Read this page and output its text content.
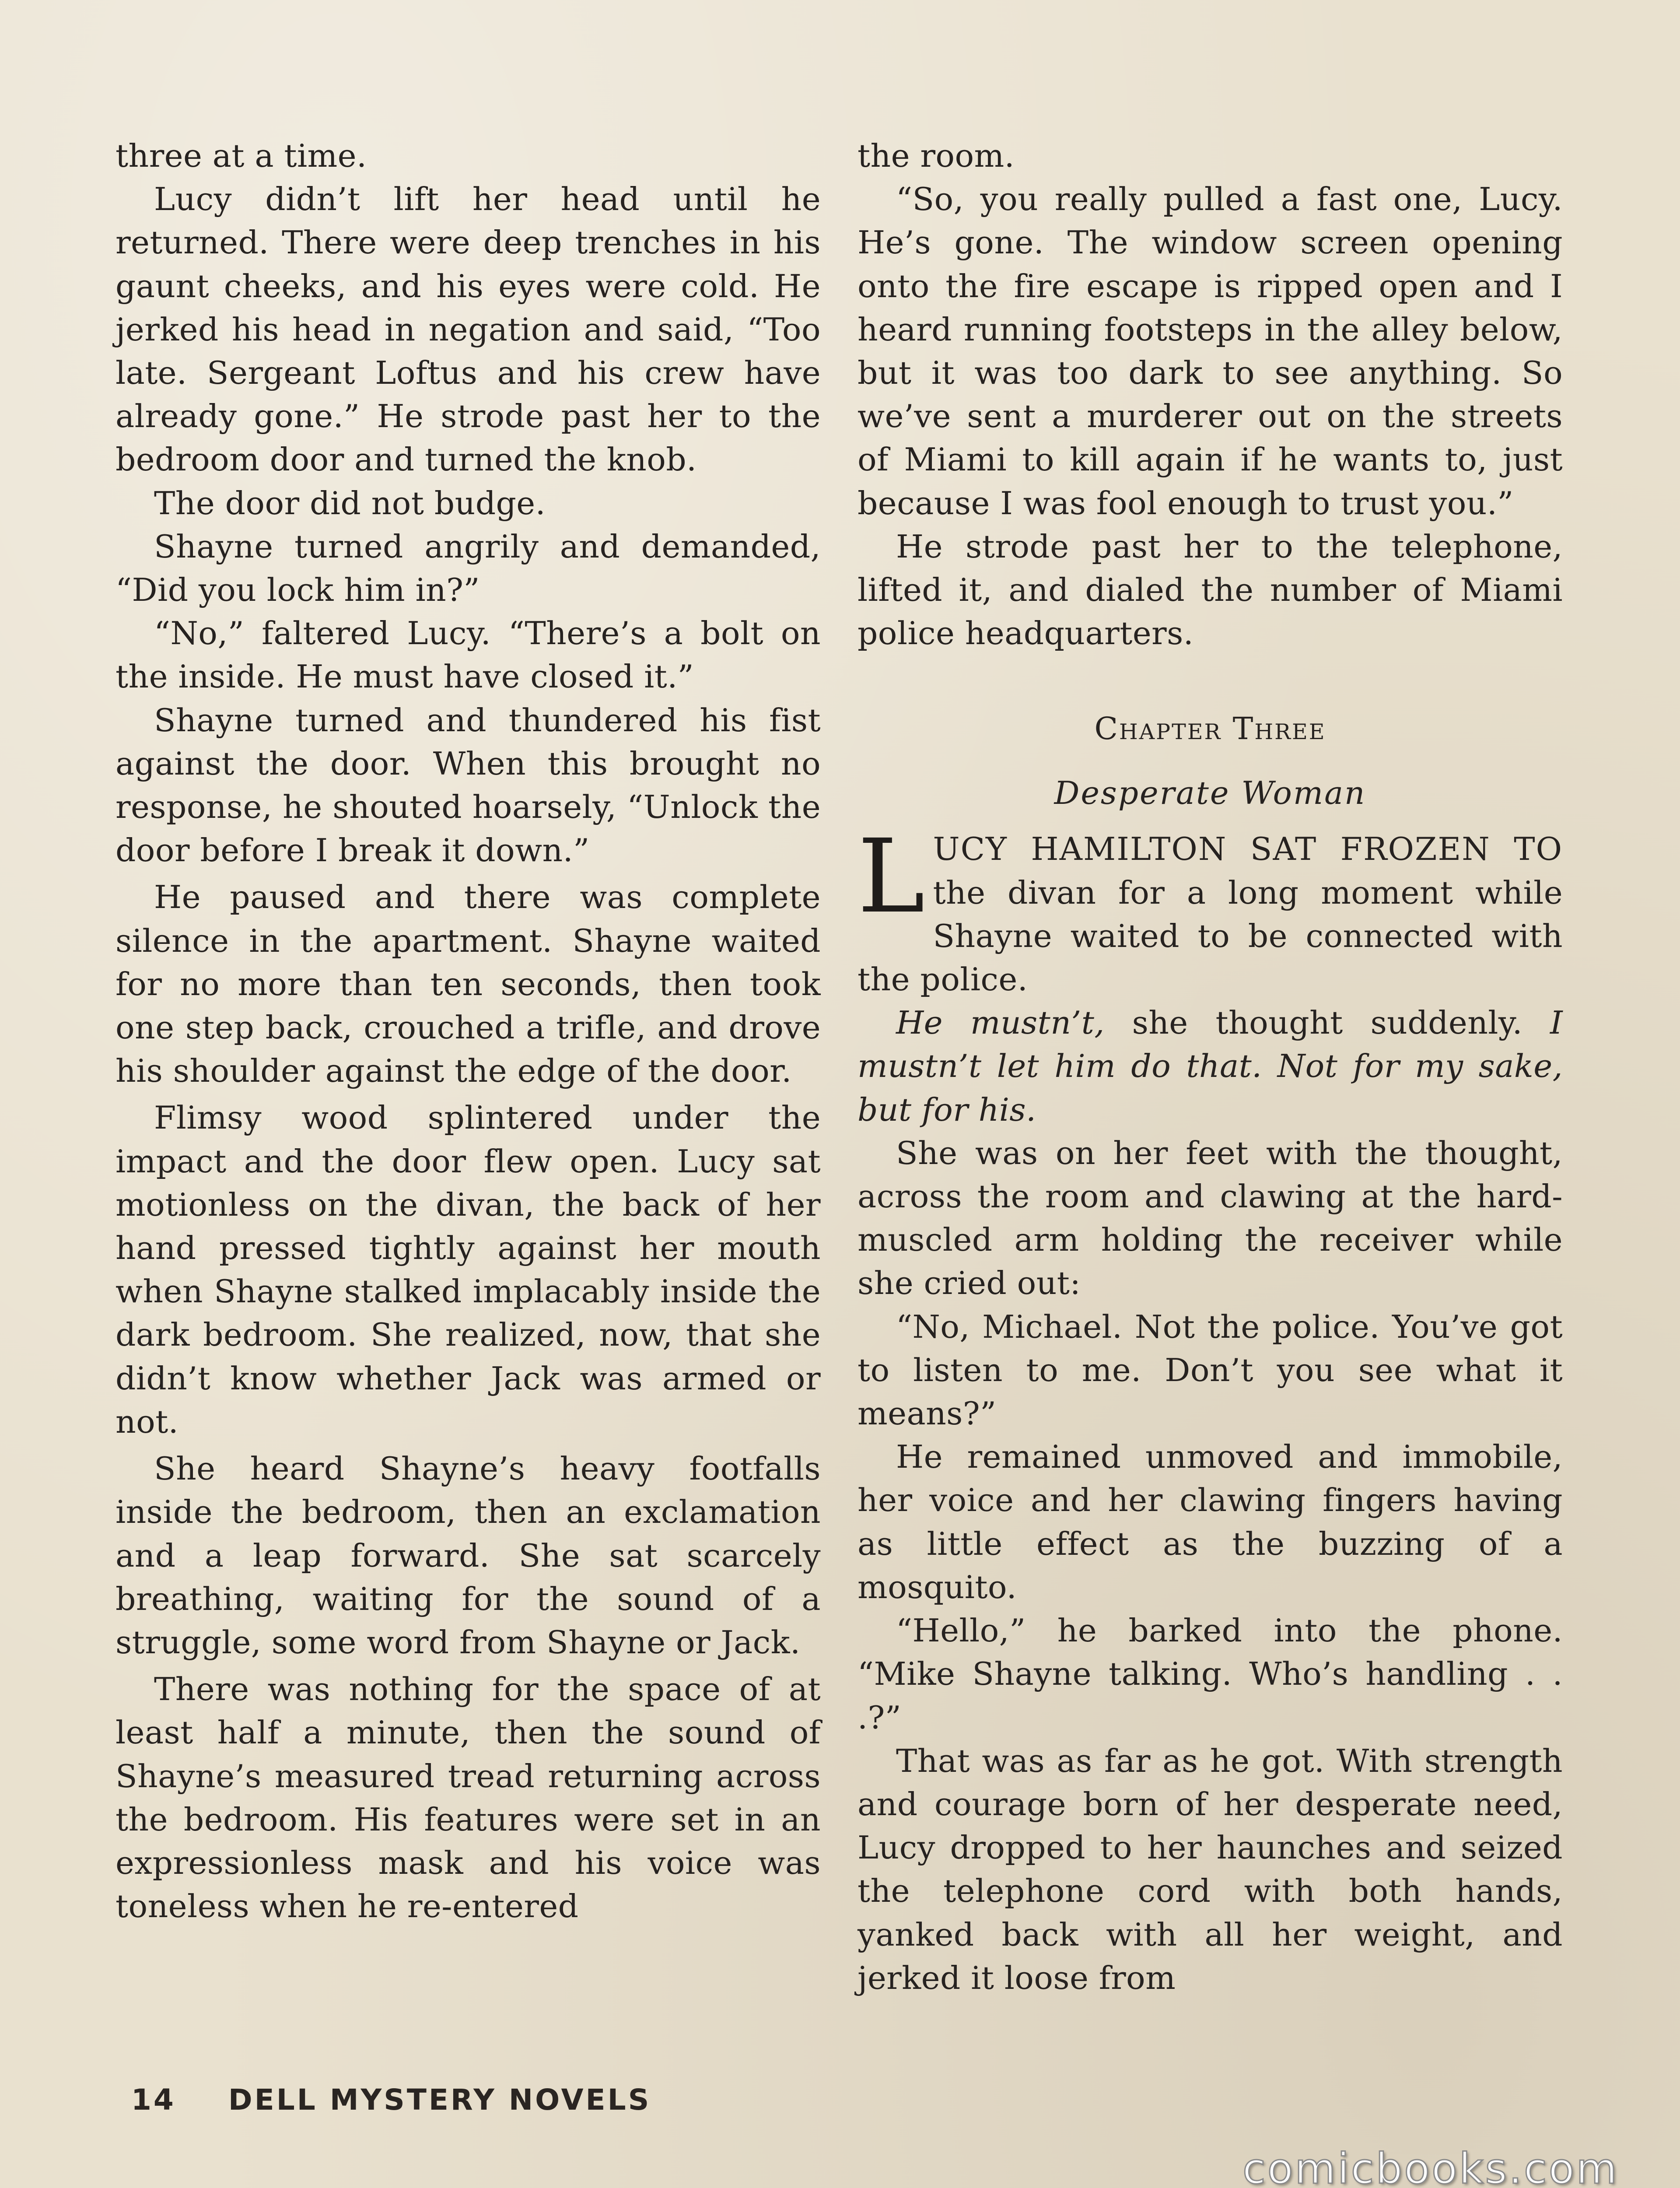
three at a time.

Lucy didn’t lift her head until he returned. There were deep trenches in his gaunt cheeks, and his eyes were cold. He jerked his head in negation and said, “Too late. Sergeant Loftus and his crew have already gone.” He strode past her to the bedroom door and turned the knob.

The door did not budge.

Shayne turned angrily and demanded, “Did you lock him in?”

“No,” faltered Lucy. “There’s a bolt on the inside. He must have closed it.”

Shayne turned and thundered his fist against the door. When this brought no response, he shouted hoarsely, “Unlock the door before I break it down.”

He paused and there was complete silence in the apartment. Shayne waited for no more than ten seconds, then took one step back, crouched a trifle, and drove his shoulder against the edge of the door.

Flimsy wood splintered under the impact and the door flew open. Lucy sat motionless on the divan, the back of her hand pressed tightly against her mouth when Shayne stalked implacably inside the dark bedroom. She realized, now, that she didn’t know whether Jack was armed or not.

She heard Shayne’s heavy footfalls inside the bedroom, then an exclamation and a leap forward. She sat scarcely breathing, waiting for the sound of a struggle, some word from Shayne or Jack.

There was nothing for the space of at least half a minute, then the sound of Shayne’s measured tread returning across the bedroom. His features were set in an expressionless mask and his voice was toneless when he re-entered

the room.

“So, you really pulled a fast one, Lucy. He’s gone. The window screen opening onto the fire escape is ripped open and I heard running footsteps in the alley below, but it was too dark to see anything. So we’ve sent a murderer out on the streets of Miami to kill again if he wants to, just because I was fool enough to trust you.”

He strode past her to the telephone, lifted it, and dialed the number of Miami police headquarters.

Chapter Three
Desperate Woman

LUCY HAMILTON SAT FROZEN TO the divan for a long moment while Shayne waited to be connected with the police.

He mustn’t, she thought suddenly. I mustn’t let him do that. Not for my sake, but for his.

She was on her feet with the thought, across the room and clawing at the hard-muscled arm holding the receiver while she cried out:

“No, Michael. Not the police. You’ve got to listen to me. Don’t you see what it means?”

He remained unmoved and immobile, her voice and her clawing fingers having as little effect as the buzzing of a mosquito.

“Hello,” he barked into the phone. “Mike Shayne talking. Who’s handling . . .?”

That was as far as he got. With strength and courage born of her desperate need, Lucy dropped to her haunches and seized the telephone cord with both hands, yanked back with all her weight, and jerked it loose from

14 DELL MYSTERY NOVELS
comicbooks.com
